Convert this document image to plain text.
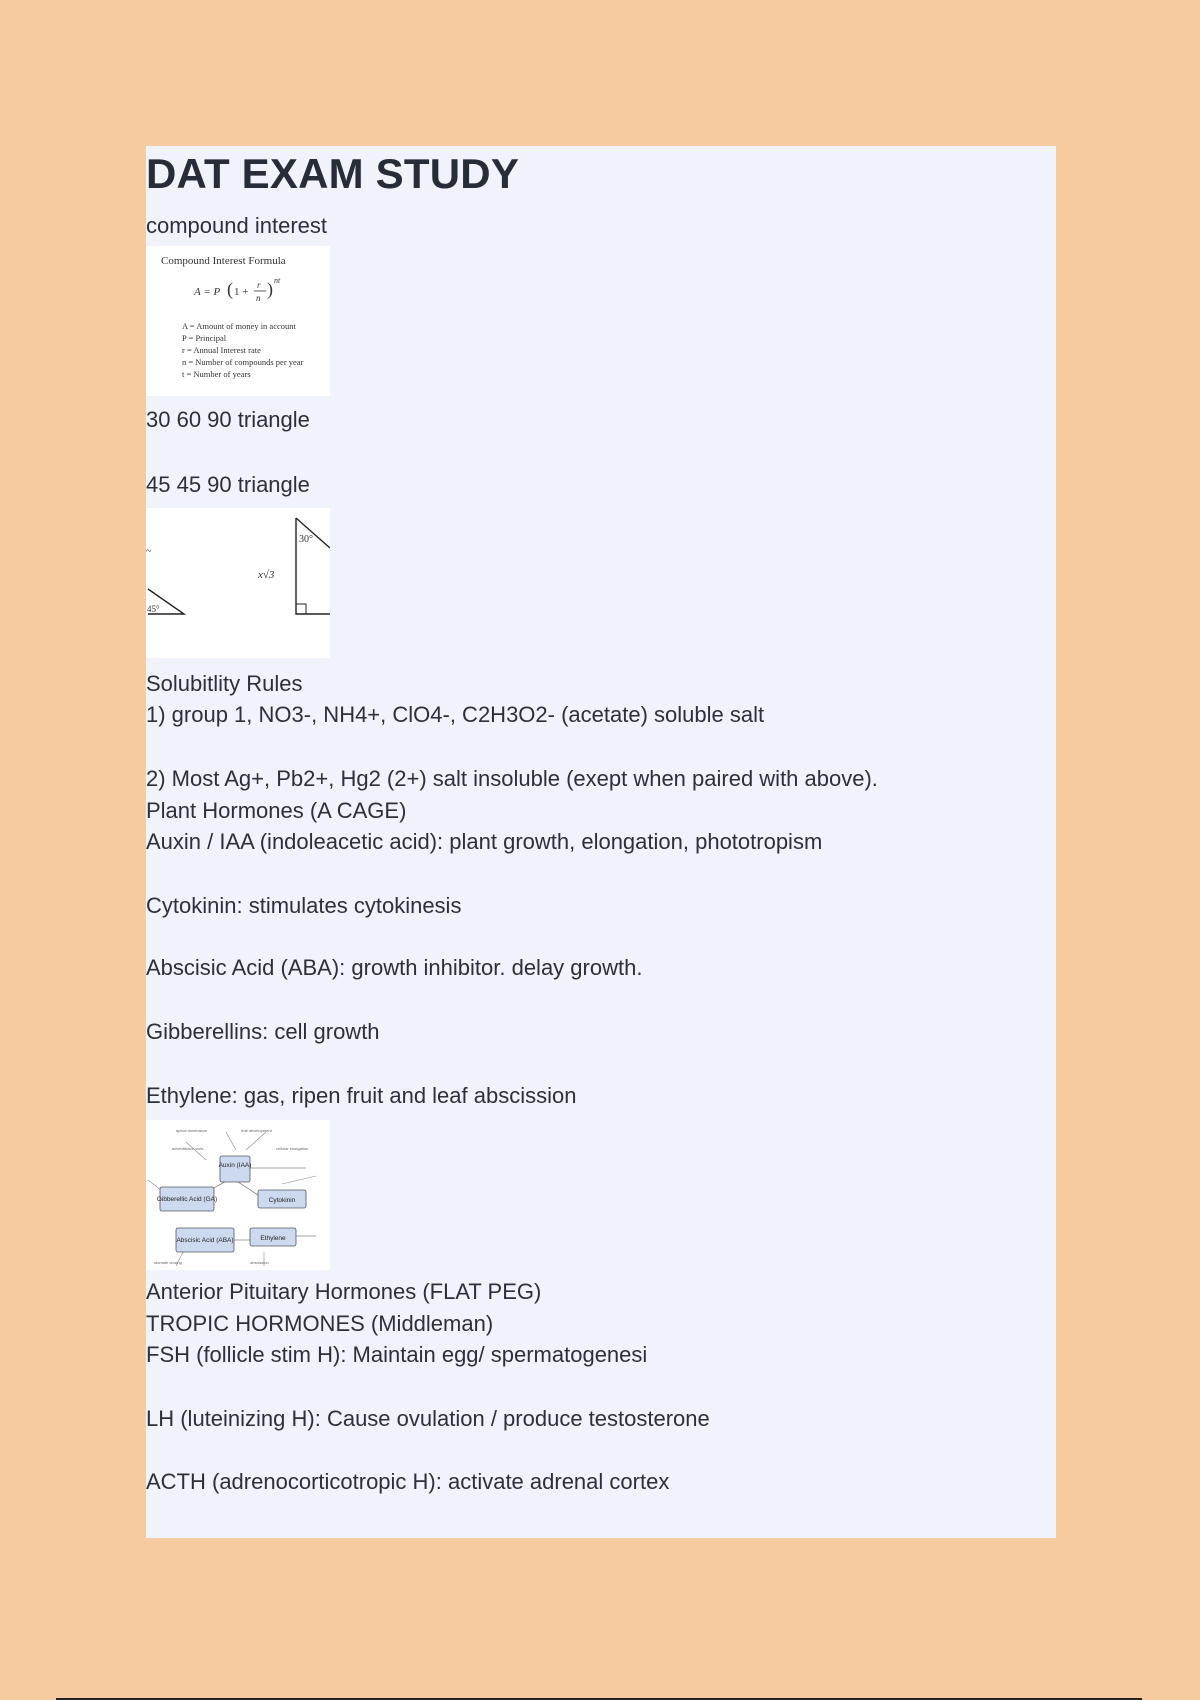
DAT EXAM STUDY
compound interest
Compound Interest Formula
A = P ( 1 +
r
n ) nt
A = Amount of money in account
P = Principal
r = Annual Interest rate
n = Number of compounds per year
t = Number of years
30 60 90 triangle
45 45 90 triangle
~
45°
30°
x√3
Solubitlity Rules
1) group 1, NO3-, NH4+, ClO4-, C2H3O2- (acetate) soluble salt
2) Most Ag+, Pb2+, Hg2 (2+) salt insoluble (exept when paired with above).
Plant Hormones (A CAGE)
Auxin / IAA (indoleacetic acid): plant growth, elongation, phototropism
Cytokinin: stimulates cytokinesis
Abscisic Acid (ABA): growth inhibitor. delay growth.
Gibberellins: cell growth
Ethylene: gas, ripen fruit and leaf abscission
apical dominance	fruit development
cellular elongation
adventitious roots
stomate closing	abscission
Auxin (IAA)
Gibberellic Acid (GA)	Cytokinin
Abscisic Acid (ABA)	Ethylene
Anterior Pituitary Hormones (FLAT PEG)
TROPIC HORMONES (Middleman)
FSH (follicle stim H): Maintain egg/ spermatogenesi
LH (luteinizing H): Cause ovulation / produce testosterone
ACTH (adrenocorticotropic H): activate adrenal cortex
